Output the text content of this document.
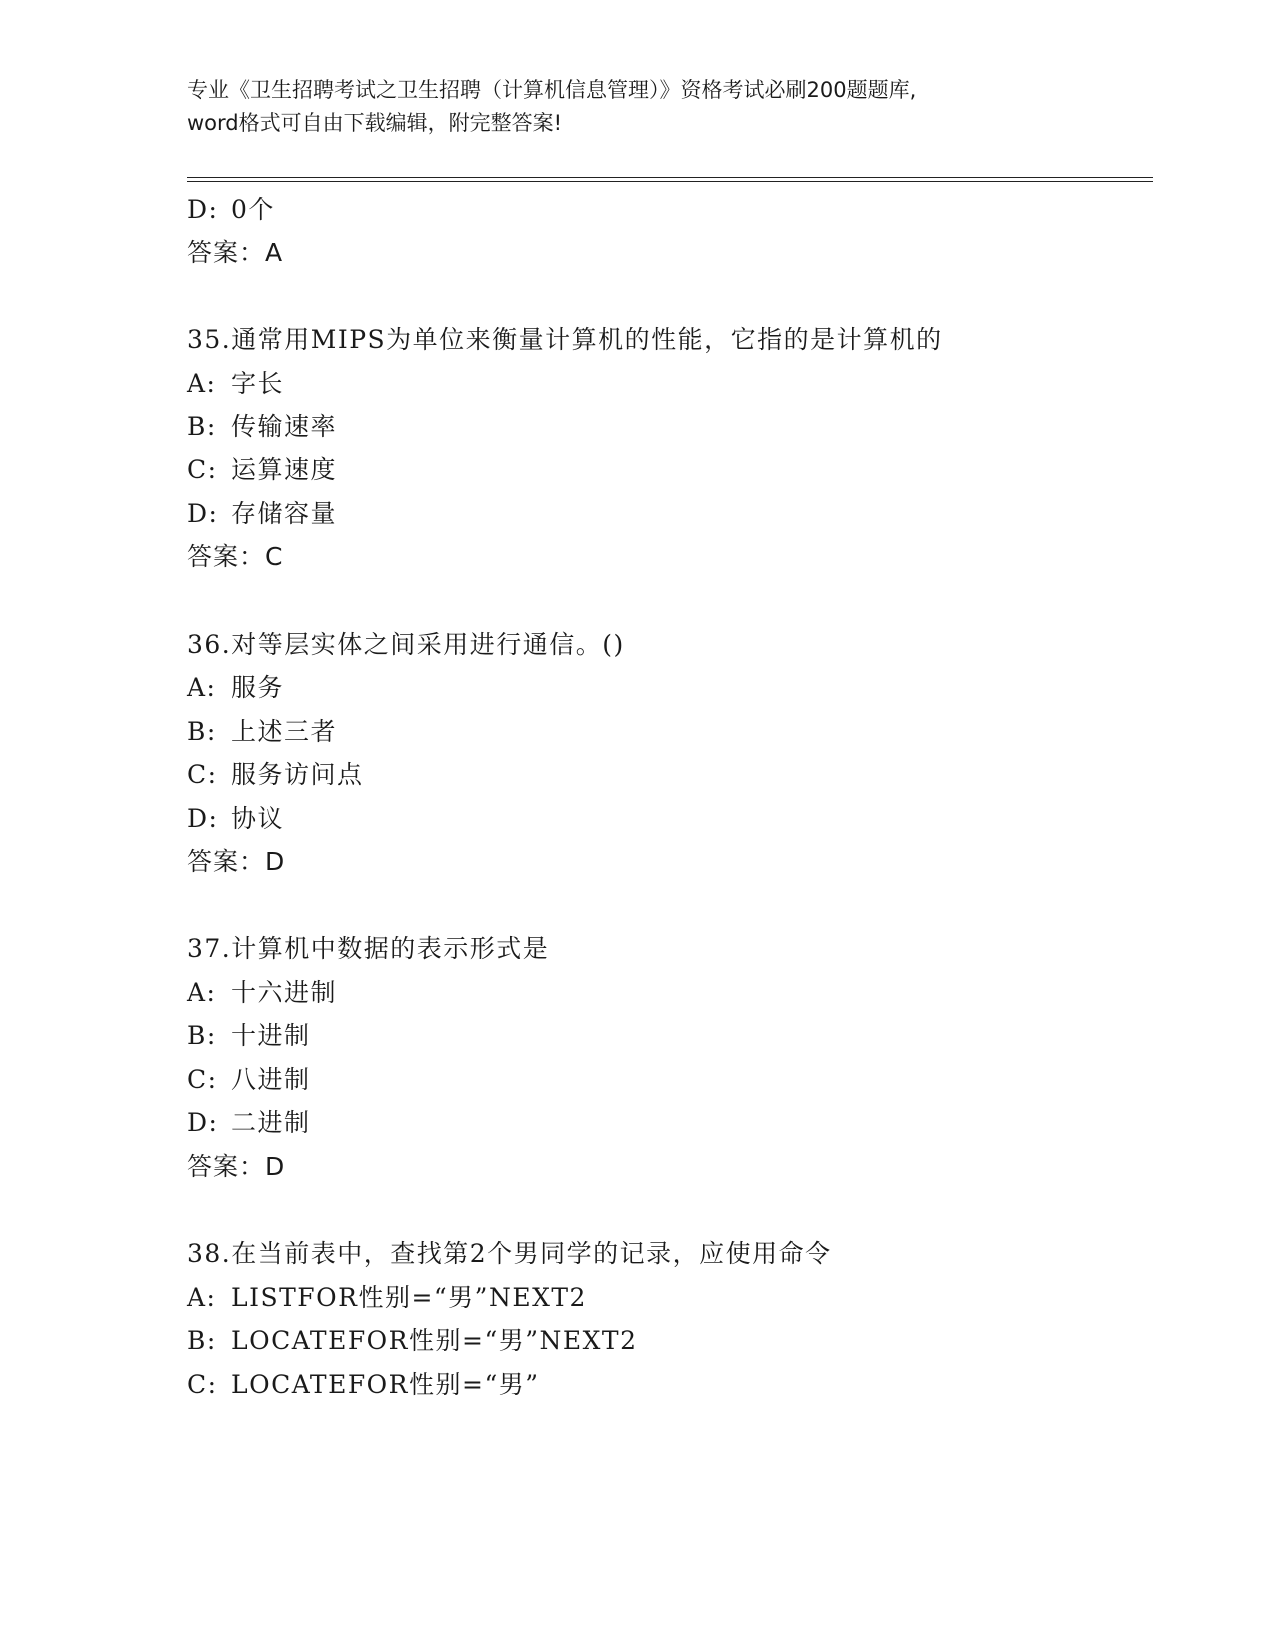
专业《卫生招聘考试之卫生招聘（计算机信息管理）》资格考试必刷200题题库,
word格式可自由下载编辑，附完整答案!
D: 0个
答案：A
35.通常用MIPS为单位来衡量计算机的性能，它指的是计算机的
A: 字长
B: 传输速率
C: 运算速度
D: 存储容量
答案：C
36.对等层实体之间采用进行通信。()
A: 服务
B: 上述三者
C: 服务访问点
D: 协议
答案：D
37.计算机中数据的表示形式是
A: 十六进制
B: 十进制
C: 八进制
D: 二进制
答案：D
38.在当前表中，查找第2个男同学的记录，应使用命令
A: LISTFOR性别=“男”NEXT2
B: LOCATEFOR性别=“男”NEXT2
C: LOCATEFOR性别=“男”
